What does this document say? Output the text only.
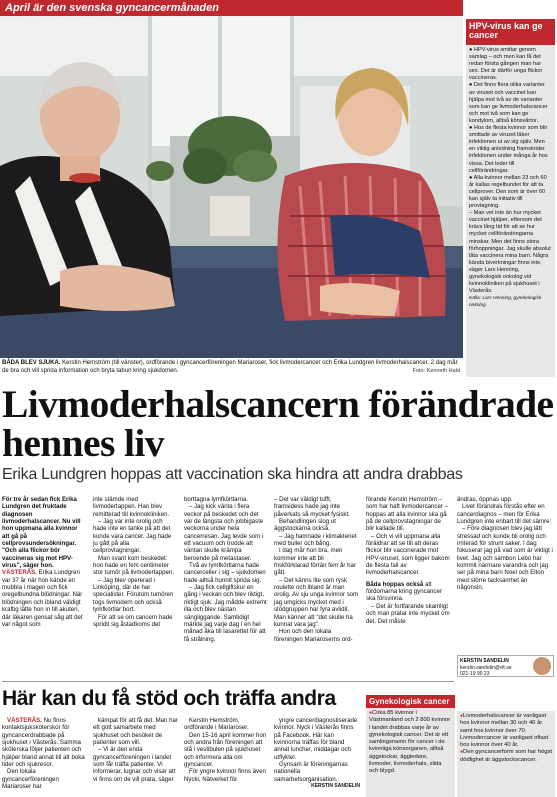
April är den svenska gyncancermånaden
BÅDA BLEV SJUKA. Kerstin Hemström (till vänster), ordförande i gyncancerföreningen Mariaroser, fick livmodercancer och Erika Lundgren livmoderhalscancer. 2 dag mår de bra och vill sprida information och bryta tabun kring sjukdomen.	Foto: Kenneth Hald
HPV-virus kan ge cancer

● HPV-virus smittar genom samlag – och men kan få det redan första gången man har sex. Det är därför unga flickor vaccineras.

● Det finns flera olika varianter av viruset och vaccinet kan hjälpa mot två av de varianter som kan ge livmoderhalscancer och mot två som kan ge kondylom, alltså könsvårtor.

● Hos de flesta kvinnor som blir smittade av viruset läker infektionen ut av sig själv. Men en viktig anledning framskrider infektionen under många år hos vissa. Det leder till cellförändringar.

● Alla kvinnor mellan 23 och 60 år kallas regelbundet för att ta cellprover. Den som är över 60 kan själv ta initiativ till provtagning.

– Man vet inte än hur mycket vaccinet hjälper, eftersom det krävs lång tid för att se hur mycket cellförändringarna minskar. Men det finns stora förhoppningar. Jag skulle absolut låta vaccinera mina barn. Några kända biverkningar finns inte, säger Lars Henning, gynekologisk onkolog vid kvinnokliniken på sjukhuset i Västerås.

Källa: Lars Henning, gynekologisk onkolog

Livmoderhalscancern förändrade hennes liv
Erika Lundgren hoppas att vaccination ska hindra att andra drabbas

För tre år sedan fick Erika Lundgren det fruktade diagnosen livmoderhalscancer. Nu vill hon uppmana alla kvinnor att gå på cellprovsundersökningar. "Och alla flickor bör vaccineras sig mot HPV-virus", säger hon.

VÄSTERÅS. Erika Lundgren var 37 år när hon kände en mubbla i magen och fick oregelbundna blödningar. När blödningen och ibland väldigt kraftig lätte hon in till akuten, där läkaren gensat såg att det var något som

inte stämde med livmodertappen. Han blev remitterad till kvinnokliniken.

– Jag var inte orolig och hade inte en tanke på att det kunde vara cancer. Jag hade ju gått på alla cellprovtagningar.

Man svarit kom beskedet: hon hade en fem centimeter stor tumör på livmodertappen.

– Jag blev opererad i Linköping, där de har specialister. Förutom tumören togs livmodern och också lymfkörtlar bort.

För att se om cancern hade spridit sig åstadkoms det

borttagna lymfkörtlarna.

– Jag kick vänta i flera veckor på beskedet och det var de längsta och jobbigaste veckorna under hela cancerresan. Jag levde som i ett vacuum och trodde att väntan skulle krämpa beroende på metastaser.

Två av lymfkörtlarna hade cancerceller i sig – sjukdomen hade alltså hunnit sprida sig.

– Jag fick cellgiftskur en gång i veckan och blev riktigt, riktigt sjuk. Jag mådde extremt illa och blev nästan sängliggande. Samtidigt märkte jag varje dag i en hel månad åka till lasarettet för att få strålning.

– Det var väldigt tufft, framsidess hade jag inte påverkats så mycket fysiskt.

Behandlingen slog ut äggstockarna också.

– Jag hamnade i klimakteriet med buller och bång.

I dag mår hon bra, men kommer inte att bli friskförklarad förrän fem år har gått.

– Det känns lite som rysk roulette och ibland är man orolig. Av sju unga kvinnor som jag umgicks mycket med i stödgruppen har fyra avlidit. Man känner att "det skulle ha kunnat vara jag".

Hon och den lokala föreningen Mariaroserns ord-

förande Kerstin Hemström – som har haft livmodercancer – hoppas att alla kvinnor ska gå på de cellprovstagningar de blir kallade till.

– Och vi vill uppmana alla föräldrar att se till att deras flickor blir vaccinerade mot HPV-viruset, som ligger bakom de flesta fall av livmoderhalscancer.

Båda hoppas också att fördomarna kring gyncancer ska försvinna.

– Det är fortfarande skamligt och man pratar inte mycket om det. Det måste

ändras, öppnas upp.

Livet förändras förstås efter en cancerdiagnos – men för Erika Lundgren inte enbart till det sämre:

– Före diagnosen blev jag lätt stressad och kunde bli orolig och irriterad för strunt saker. I dag fokuserar jag på vad som är viktigt i livet. Jag och sambon Lebo har kommit närmare varandra och jag ser på mina barn Noel och Elton med större tacksamhet än någonsin.

KERSTIN SANDELIN
kerstin.sandelin@vlt.se
021-19 90 23
Här kan du få stöd och träffa andra

VÄSTERÅS. Nu finns kontaktsjuksköterskor för gyncancerdrabbade på sjukhuset i Västerås. Samma sköterska följer patienten och hjälper bland annat till att boka tider och sjukresor.

Den lokala gyncancerföreningen Mariaroser har

kämpat för att få det. Man har ett gott samarbete med sjukhuset och besöker de patienter som vill.

– Vi är den enda gyncancerföreningen i landet som får träffa patienter. Vi informerar, lugnar och visar att vi finns om de vill prata, säger

Kerstin Hemström, ordförande i Mariaroser.

Den 15-16 april kommer hon och andra från föreningen att stå i vestibulen på sjukhuset och informera alla om gyncancer.

För yngre kvinnor finns även Nycki, Nätverket för

yngre cancerdiagnostiserade kvinnor. Nyck i Västerås finns på Facebook. Här kan kvinnorna träffas för bland annat luncher, middagar och utflykter.

Gynsam är föreningarnas nationella samarbetsorganisation.

KERSTIN SANDELIN

Gynekologisk cancer
● Cirka 85 kvinnor i Västmanland och 2 800 kvinnor i landet drabbas varje år av gynekologisk cancer. Det är ett samlingsnamn för cancer i de kvinnliga könsorganen, alltså äggstockar, äggledare, livmoder, livmoderhals, slida och blygd.
● Livmoderhalscancer är vanligast hos kvinnor mellan 30 och 40 år samt hos kvinnor över 70. Livmodercancer är vanligast oftast hos kvinnor över 40 år.
● Den gyncancerform som har högst dödlighet är äggstockscancer.
